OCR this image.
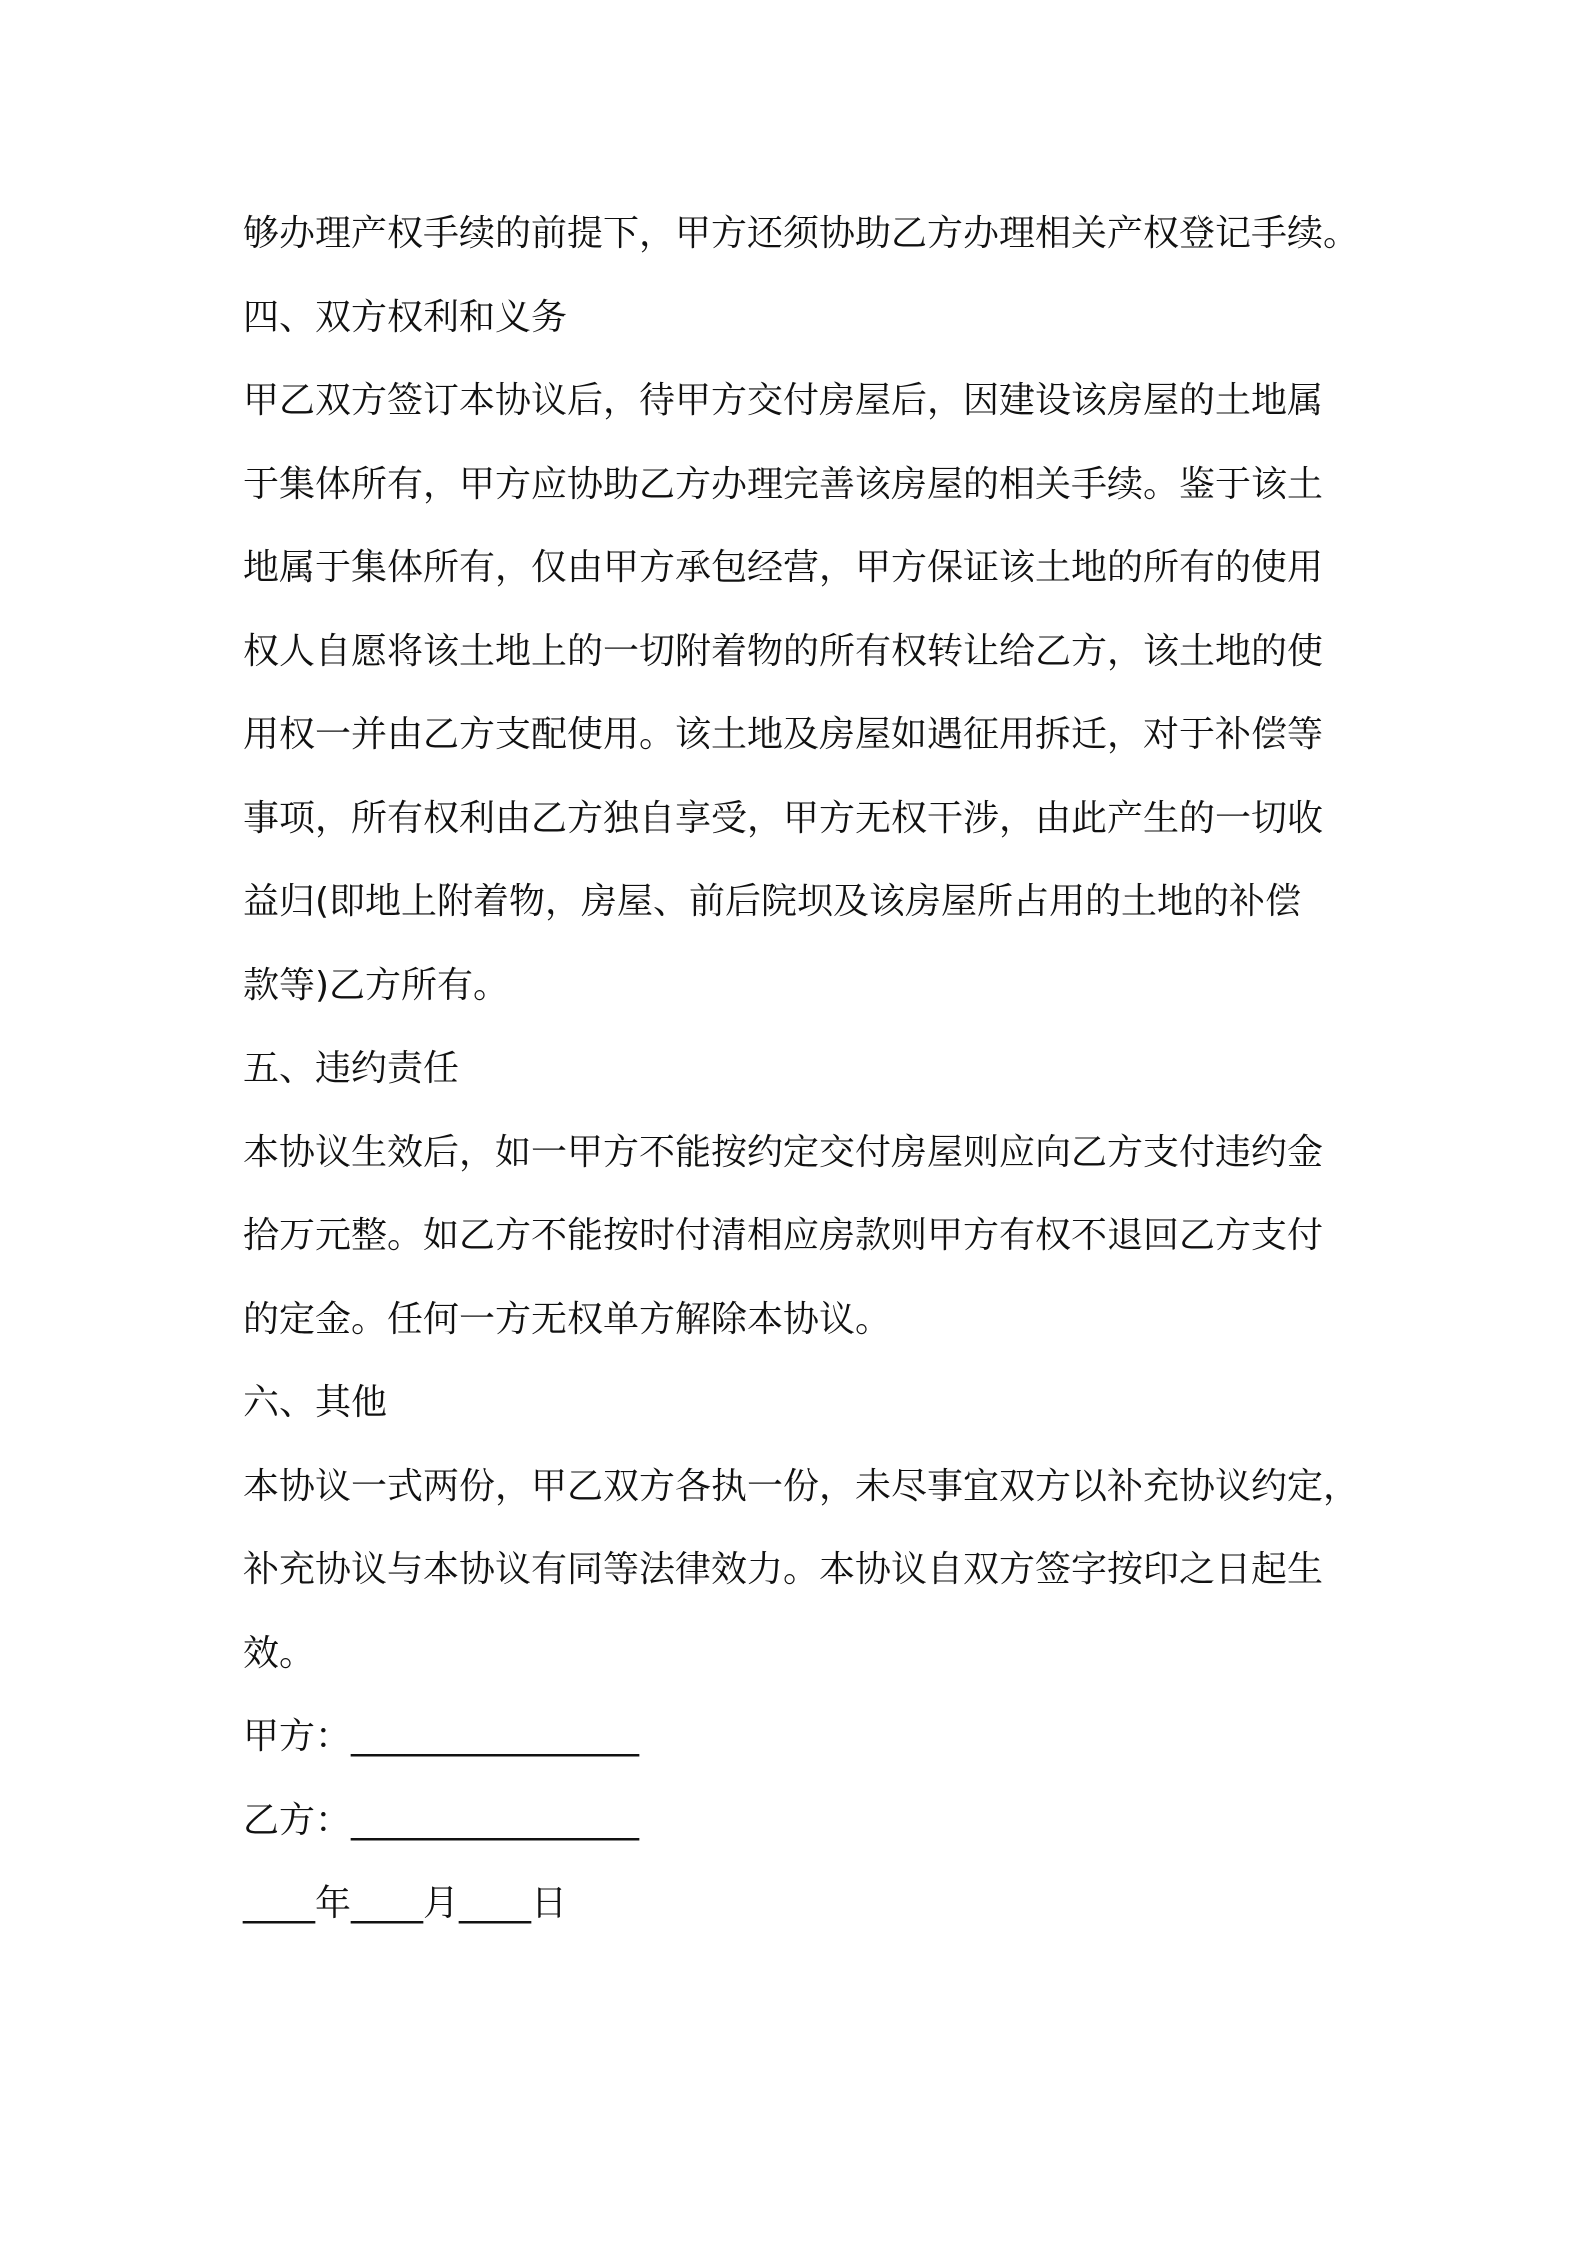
够办理产权手续的前提下，甲方还须协助乙方办理相关产权登记手续。
四、双方权利和义务
甲乙双方签订本协议后，待甲方交付房屋后，因建设该房屋的土地属
于集体所有，甲方应协助乙方办理完善该房屋的相关手续。鉴于该土
地属于集体所有，仅由甲方承包经营，甲方保证该土地的所有的使用
权人自愿将该土地上的一切附着物的所有权转让给乙方，该土地的使
用权一并由乙方支配使用。该土地及房屋如遇征用拆迁，对于补偿等
事项，所有权利由乙方独自享受，甲方无权干涉，由此产生的一切收
益归(即地上附着物，房屋、前后院坝及该房屋所占用的土地的补偿
款等)乙方所有。
五、违约责任
本协议生效后，如一甲方不能按约定交付房屋则应向乙方支付违约金
拾万元整。如乙方不能按时付清相应房款则甲方有权不退回乙方支付
的定金。任何一方无权单方解除本协议。
六、其他
本协议一式两份，甲乙双方各执一份，未尽事宜双方以补充协议约定，
补充协议与本协议有同等法律效力。本协议自双方签字按印之日起生
效。
甲方：________________
乙方：________________
____年____月____日
